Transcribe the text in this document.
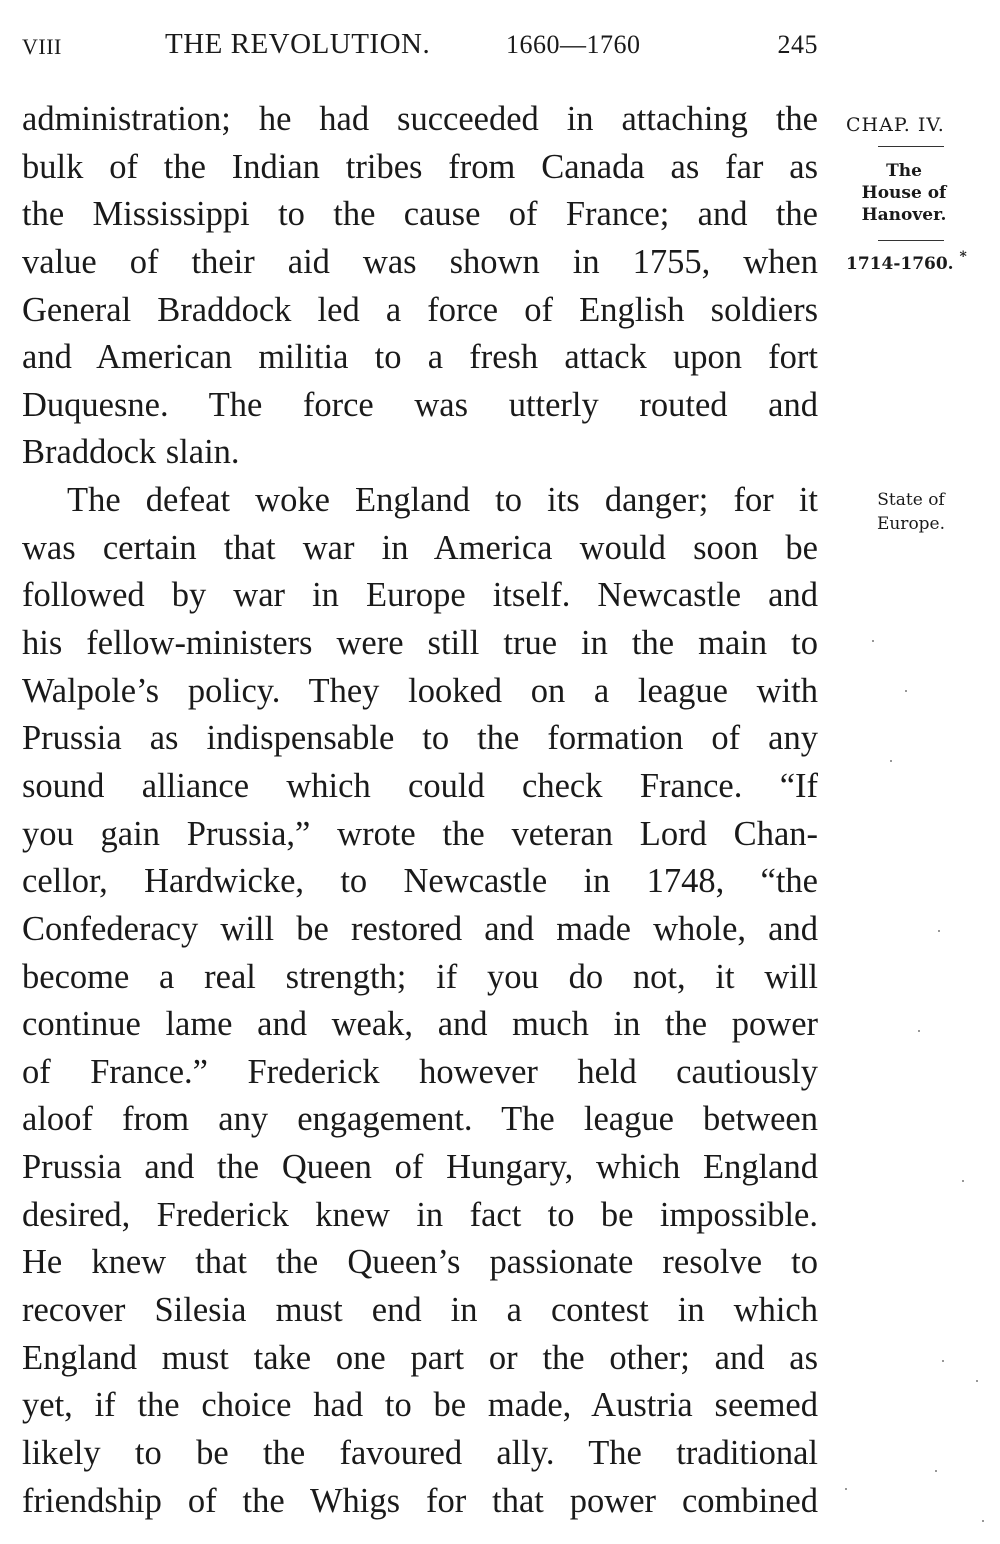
VIII	THE REVOLUTION.	1660—1760	245
administration; he had succeeded in attaching the
bulk of the Indian tribes from Canada as far as
the Mississippi to the cause of France; and the
value of their aid was shown in 1755, when
General Braddock led a force of English soldiers
and American militia to a fresh attack upon fort
Duquesne. The force was utterly routed and
Braddock slain.
The defeat woke England to its danger; for it
was certain that war in America would soon be
followed by war in Europe itself. Newcastle and
his fellow-ministers were still true in the main to
Walpole’s policy. They looked on a league with
Prussia as indispensable to the formation of any
sound alliance which could check France. “If
you gain Prussia,” wrote the veteran Lord Chan-
cellor, Hardwicke, to Newcastle in 1748, “the
Confederacy will be restored and made whole, and
become a real strength; if you do not, it will
continue lame and weak, and much in the power
of France.” Frederick however held cautiously
aloof from any engagement. The league between
Prussia and the Queen of Hungary, which England
desired, Frederick knew in fact to be impossible.
He knew that the Queen’s passionate resolve to
recover Silesia must end in a contest in which
England must take one part or the other; and as
yet, if the choice had to be made, Austria seemed
likely to be the favoured ally. The traditional
friendship of the Whigs for that power combined
CHAP. IV.
The
House of
Hanover.
1714-1760. *
State of
Europe.
